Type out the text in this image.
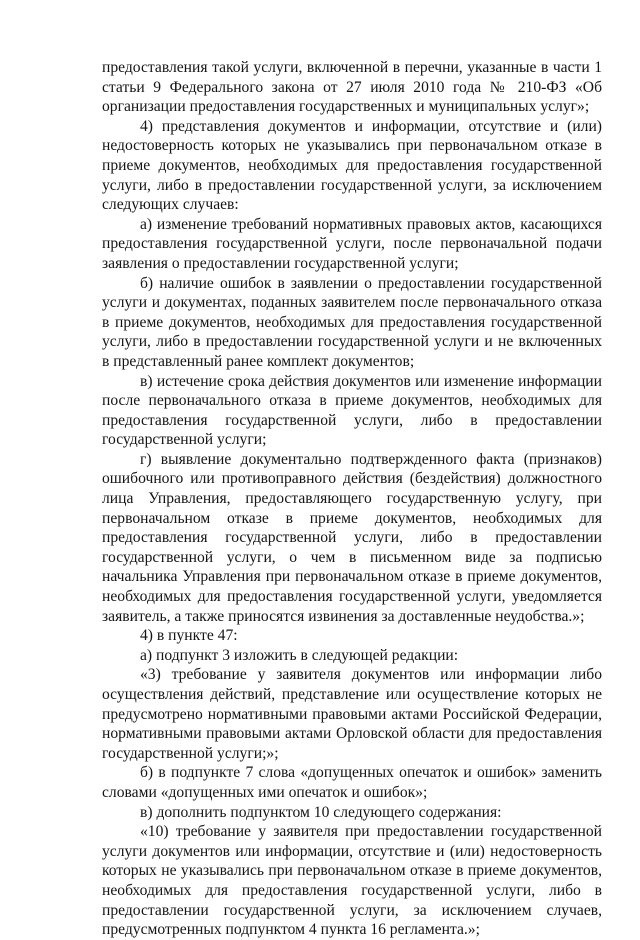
предоставления такой услуги, включенной в перечни, указанные в части 1 статьи 9 Федерального закона от 27 июля 2010 года № 210-ФЗ «Об организации предоставления государственных и муниципальных услуг»;

4) представления документов и информации, отсутствие и (или) недостоверность которых не указывались при первоначальном отказе в приеме документов, необходимых для предоставления государственной услуги, либо в предоставлении государственной услуги, за исключением следующих случаев:

а) изменение требований нормативных правовых актов, касающихся предоставления государственной услуги, после первоначальной подачи заявления о предоставлении государственной услуги;

б) наличие ошибок в заявлении о предоставлении государственной услуги и документах, поданных заявителем после первоначального отказа в приеме документов, необходимых для предоставления государственной услуги, либо в предоставлении государственной услуги и не включенных в представленный ранее комплект документов;

в) истечение срока действия документов или изменение информации после первоначального отказа в приеме документов, необходимых для предоставления государственной услуги, либо в предоставлении государственной услуги;

г) выявление документально подтвержденного факта (признаков) ошибочного или противоправного действия (бездействия) должностного лица Управления, предоставляющего государственную услугу, при первоначальном отказе в приеме документов, необходимых для предоставления государственной услуги, либо в предоставлении государственной услуги, о чем в письменном виде за подписью начальника Управления при первоначальном отказе в приеме документов, необходимых для предоставления государственной услуги, уведомляется заявитель, а также приносятся извинения за доставленные неудобства.»;

4) в пункте 47:

а) подпункт 3 изложить в следующей редакции:

«3) требование у заявителя документов или информации либо осуществления действий, представление или осуществление которых не предусмотрено нормативными правовыми актами Российской Федерации, нормативными правовыми актами Орловской области для предоставления государственной услуги;»;

б) в подпункте 7 слова «допущенных опечаток и ошибок» заменить словами «допущенных ими опечаток и ошибок»;

в) дополнить подпунктом 10 следующего содержания:

«10) требование у заявителя при предоставлении государственной услуги документов или информации, отсутствие и (или) недостоверность которых не указывались при первоначальном отказе в приеме документов, необходимых для предоставления государственной услуги, либо в предоставлении государственной услуги, за исключением случаев, предусмотренных подпунктом 4 пункта 16 регламента.»;
